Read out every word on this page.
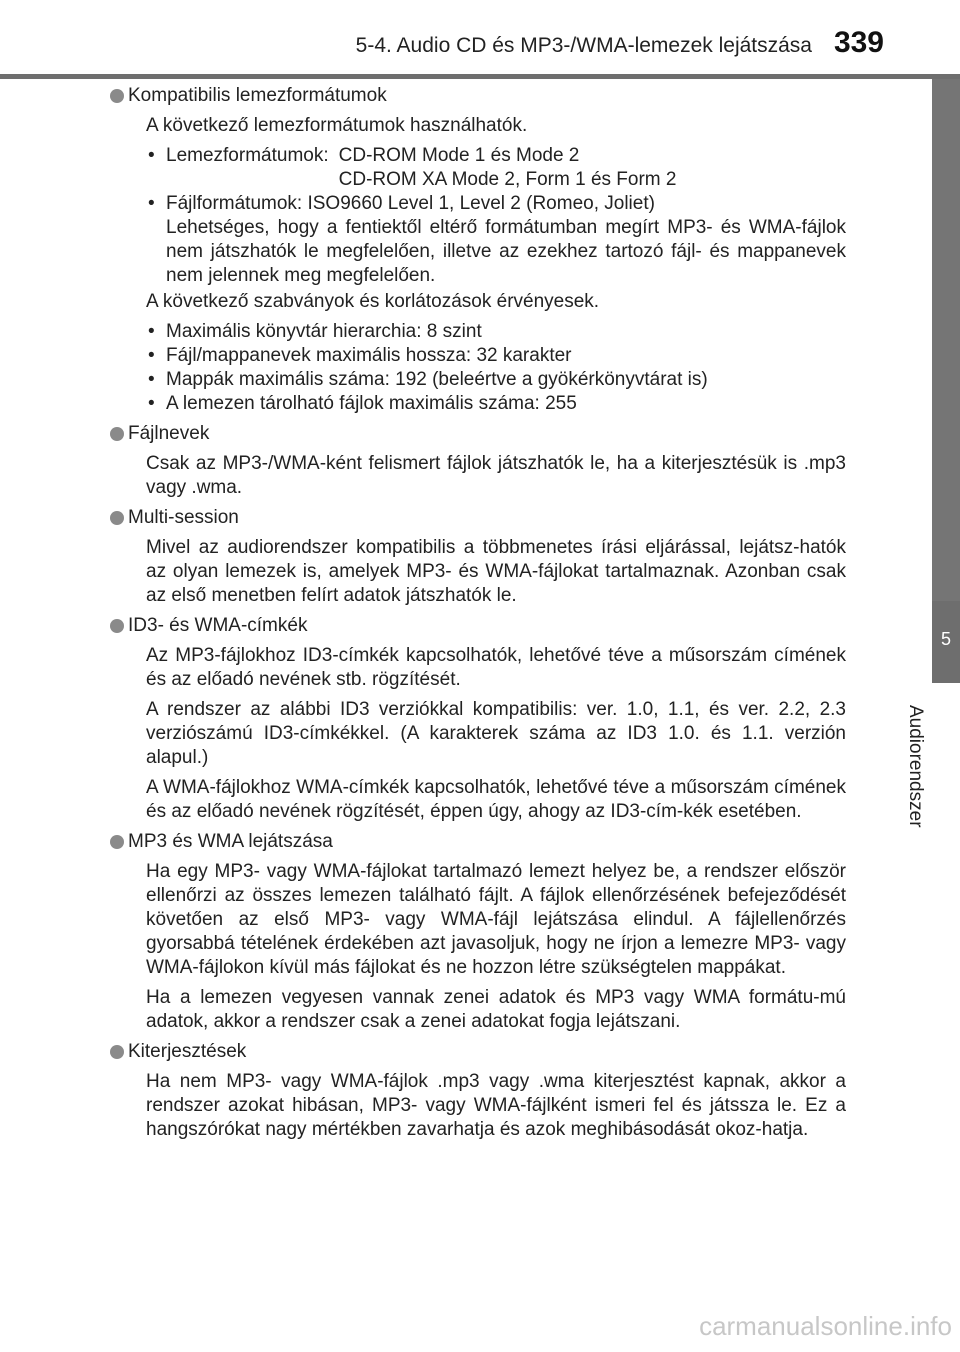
5-4. Audio CD és MP3-/WMA-lemezek lejátszása 339
5
Audiorendszer
Kompatibilis lemezformátumok

A következő lemezformátumok használhatók.

• Lemezformátumok: CD-ROM Mode 1 és Mode 2
CD-ROM XA Mode 2, Form 1 és Form 2
• Fájlformátumok: ISO9660 Level 1, Level 2 (Romeo, Joliet)
Lehetséges, hogy a fentiektől eltérő formátumban megírt MP3- és WMA-fájlok nem játszhatók le megfelelően, illetve az ezekhez tartozó fájl- és mappanevek nem jelennek meg megfelelően.

A következő szabványok és korlátozások érvényesek.

• Maximális könyvtár hierarchia: 8 szint
• Fájl/mappanevek maximális hossza: 32 karakter
• Mappák maximális száma: 192 (beleértve a gyökérkönyvtárat is)
• A lemezen tárolható fájlok maximális száma: 255
Fájlnevek

Csak az MP3-/WMA-ként felismert fájlok játszhatók le, ha a kiterjesztésük is .mp3 vagy .wma.

Multi-session

Mivel az audiorendszer kompatibilis a többmenetes írási eljárással, lejátsz-hatók az olyan lemezek is, amelyek MP3- és WMA-fájlokat tartalmaznak. Azonban csak az első menetben felírt adatok játszhatók le.

ID3- és WMA-címkék

Az MP3-fájlokhoz ID3-címkék kapcsolhatók, lehetővé téve a műsorszám címének és az előadó nevének stb. rögzítését.

A rendszer az alábbi ID3 verziókkal kompatibilis: ver. 1.0, 1.1, és ver. 2.2, 2.3 verziószámú ID3-címkékkel. (A karakterek száma az ID3 1.0. és 1.1. verzión alapul.)

A WMA-fájlokhoz WMA-címkék kapcsolhatók, lehetővé téve a műsorszám címének és az előadó nevének rögzítését, éppen úgy, ahogy az ID3-cím-kék esetében.

MP3 és WMA lejátszása

Ha egy MP3- vagy WMA-fájlokat tartalmazó lemezt helyez be, a rendszer először ellenőrzi az összes lemezen található fájlt. A fájlok ellenőrzésének befejeződését követően az első MP3- vagy WMA-fájl lejátszása elindul. A fájlellenőrzés gyorsabbá tételének érdekében azt javasoljuk, hogy ne írjon a lemezre MP3- vagy WMA-fájlokon kívül más fájlokat és ne hozzon létre szükségtelen mappákat.

Ha a lemezen vegyesen vannak zenei adatok és MP3 vagy WMA formátu-mú adatok, akkor a rendszer csak a zenei adatokat fogja lejátszani.

Kiterjesztések

Ha nem MP3- vagy WMA-fájlok .mp3 vagy .wma kiterjesztést kapnak, akkor a rendszer azokat hibásan, MP3- vagy WMA-fájlként ismeri fel és játssza le. Ez a hangszórókat nagy mértékben zavarhatja és azok meghibásodását okoz-hatja.

carmanualsonline.info
